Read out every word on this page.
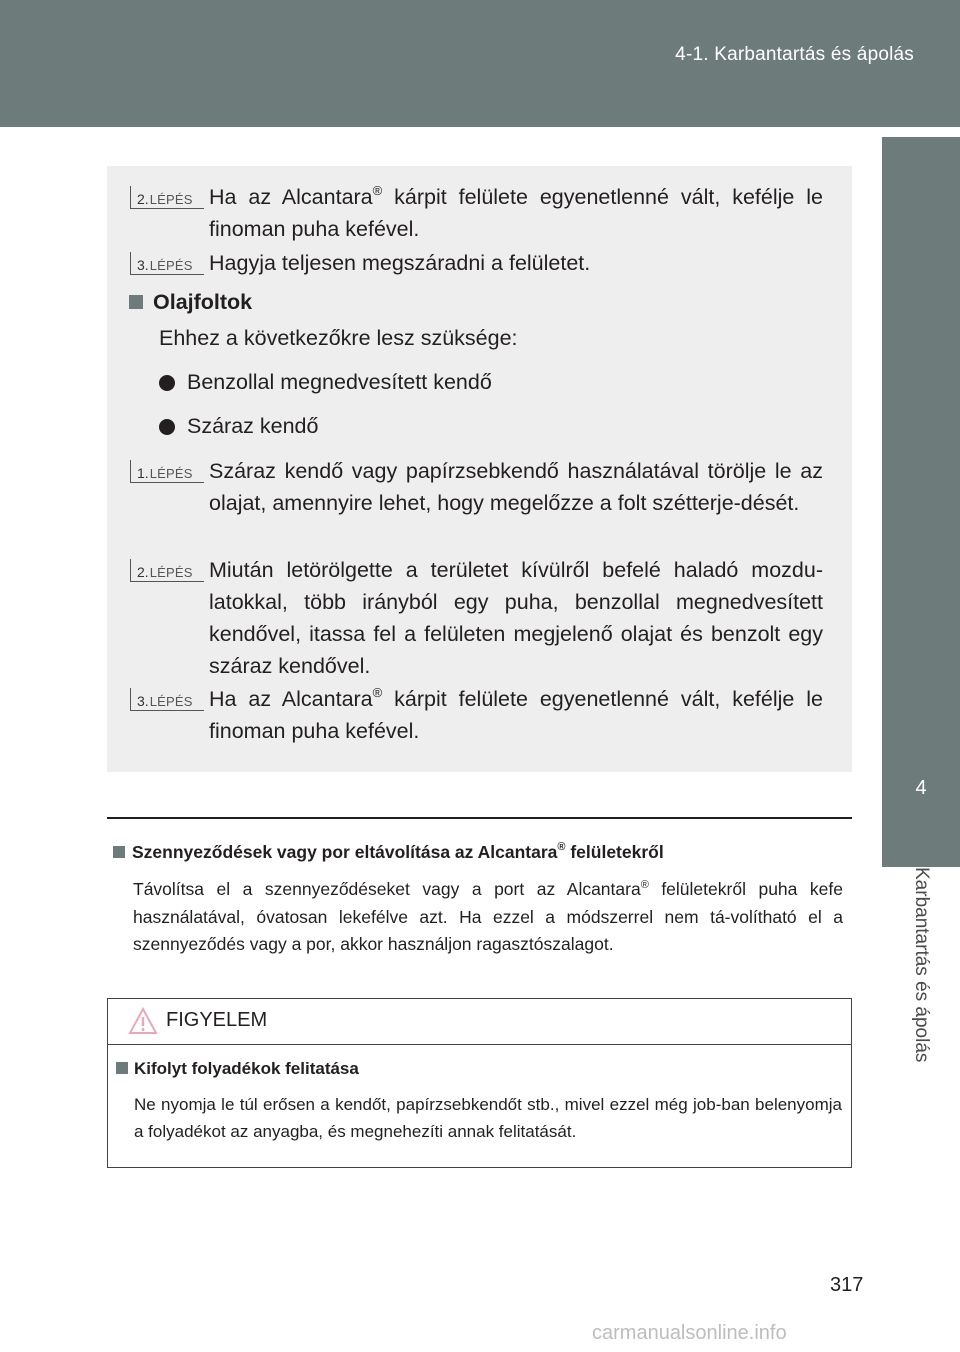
4-1. Karbantartás és ápolás
4
Karbantartás és ápolás
2. LÉPÉS Ha az Alcantara® kárpit felülete egyenetlenné vált, kefélje le finoman puha kefével.
3. LÉPÉS Hagyja teljesen megszáradni a felületet.
Olajfoltok
Ehhez a következőkre lesz szüksége:
Benzollal megnedvesített kendő
Száraz kendő
1. LÉPÉS Száraz kendő vagy papírzsebkendő használatával törölje le az olajat, amennyire lehet, hogy megelőzze a folt szétterje-dését.
2. LÉPÉS Miután letörölgette a területet kívülről befelé haladó mozdu-latokkal, több irányból egy puha, benzollal megnedvesített kendővel, itassa fel a felületen megjelenő olajat és benzolt egy száraz kendővel.
3. LÉPÉS Ha az Alcantara® kárpit felülete egyenetlenné vált, kefélje le finoman puha kefével.
Szennyeződések vagy por eltávolítása az Alcantara® felületekről
Távolítsa el a szennyeződéseket vagy a port az Alcantara® felületekről puha kefe használatával, óvatosan lekefélve azt. Ha ezzel a módszerrel nem tá-volítható el a szennyeződés vagy a por, akkor használjon ragasztószalagot.
FIGYELEM
Kifolyt folyadékok felitatása
Ne nyomja le túl erősen a kendőt, papírzsebkendőt stb., mivel ezzel még job-ban belenyomja a folyadékot az anyagba, és megnehezíti annak felitatását.
317
carmanualsonline.info
